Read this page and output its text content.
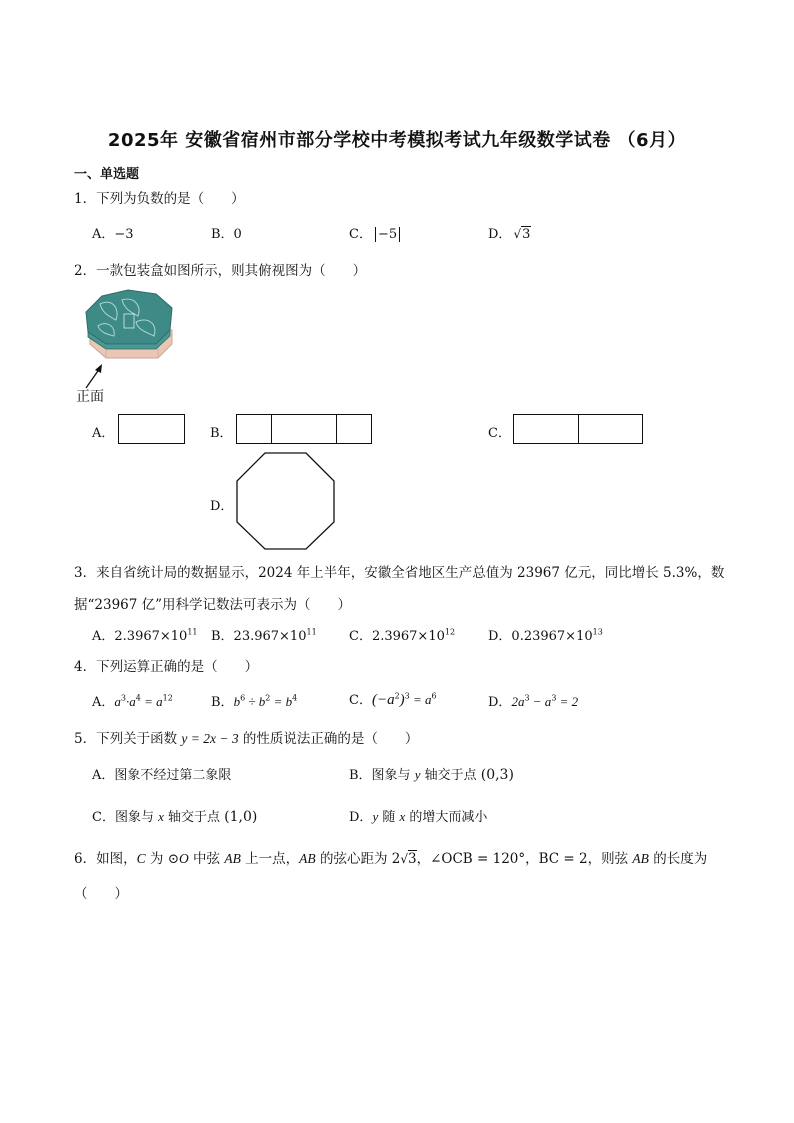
2025年 安徽省宿州市部分学校中考模拟考试九年级数学试卷 （6月）
一、单选题
1．下列为负数的是（　　）
A．−3	B．0	C． −5	D． √3
2．一款包装盒如图所示，则其俯视图为（　　）
正面
A．	B．	C．
D．
3．来自省统计局的数据显示，2024 年上半年，安徽全省地区生产总值为 23967 亿元，同比增长 5.3%，数
据“23967 亿”用科学记数法可表示为（　　）
A．$2.3967\times 10^{11}$ B．$23.967\times 10^{11}$ C．$2.3967\times 10^{12}$	D．$0.23967\times 10^{13}$
4．下列运算正确的是（　　）
A．$a^3\cdot a^4 = a^{12}$	B．$b^6 \div b^2 = b^4$	C．$(-a^2)^3 = a^6$	D．$2a^3 - a^3 = 2$
5．下列关于函数 y = 2x − 3 的性质说法正确的是（　　）
A．图象不经过第二象限	B．图象与 y 轴交于点 (0,3)
C．图象与 x 轴交于点 (1,0)	D．y 随 x 的增大而减小
6．如图，C 为 ⊙O 中弦 AB 上一点，AB 的弦心距为 2√3，∠OCB = 120°，BC = 2，则弦 AB 的长度为
（　　）
